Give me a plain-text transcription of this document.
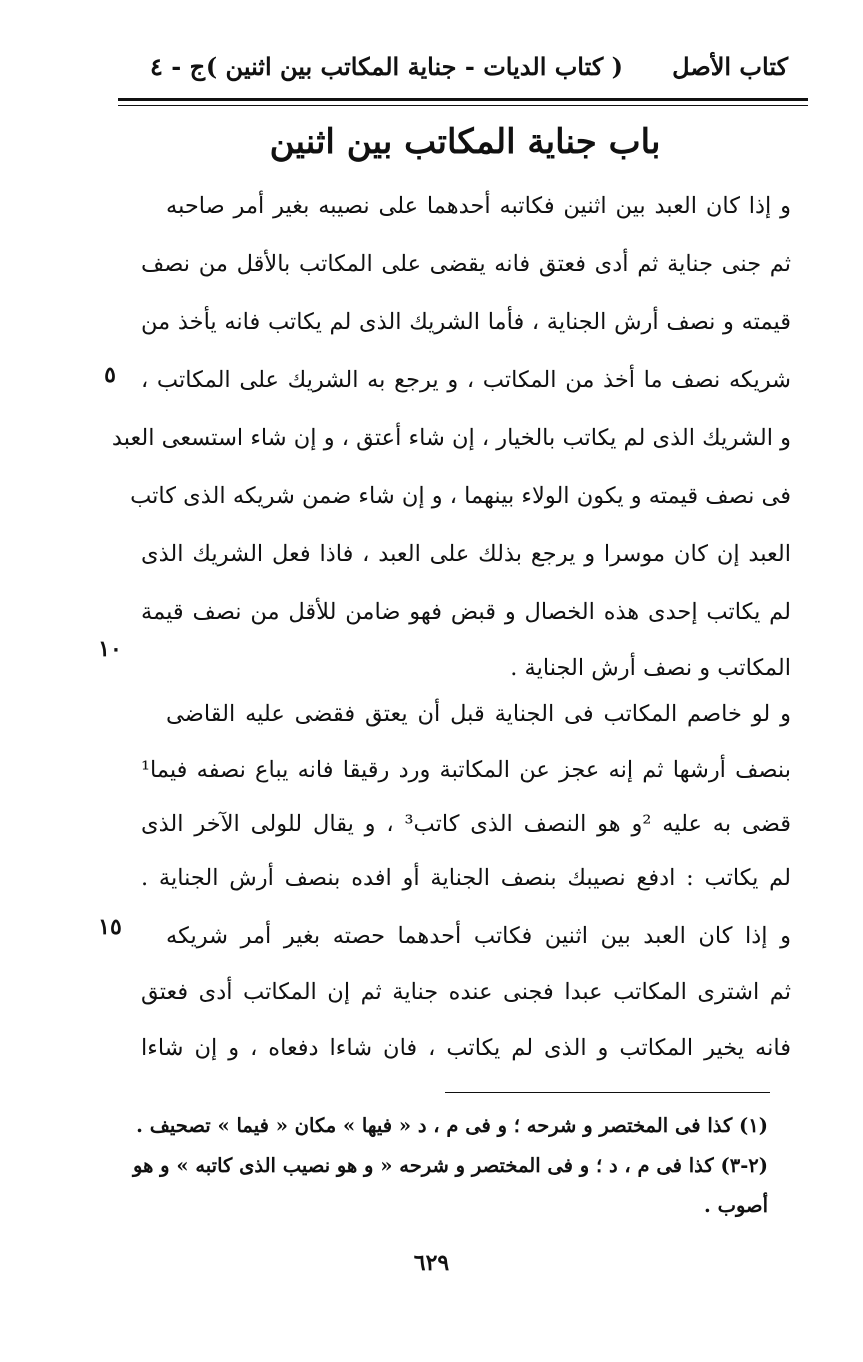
كتاب الأصل
( كتاب الديات - جناية المكاتب بين اثنين )
ج - ٤
باب جناية المكاتب بين اثنين
و إذا كان العبد بين اثنين فكاتبه أحدهما على نصيبه بغير أمر صاحبه
ثم جنى جناية ثم أدى فعتق فانه يقضى على المكاتب بالأقل من نصف
قيمته و نصف أرش الجناية ، فأما الشريك الذى لم يكاتب فانه يأخذ من
شريكه نصف ما أخذ من المكاتب ، و يرجع به الشريك على المكاتب ،
و الشريك الذى لم يكاتب بالخيار ، إن شاء أعتق ، و إن شاء استسعى العبد
فى نصف قيمته و يكون الولاء بينهما ، و إن شاء ضمن شريكه الذى كاتب
العبد إن كان موسرا و يرجع بذلك على العبد ، فاذا فعل الشريك الذى
لم يكاتب إحدى هذه الخصال و قبض فهو ضامن للأقل من نصف قيمة
المكاتب و نصف أرش الجناية .
و لو خاصم المكاتب فى الجناية قبل أن يعتق فقضى عليه القاضى
بنصف أرشها ثم إنه عجز عن المكاتبة ورد رقيقا فانه يباع نصفه فيما¹
قضى به عليه ²و هو النصف الذى كاتب³ ، و يقال للولى الآخر الذى
لم يكاتب : ادفع نصيبك بنصف الجناية أو افده بنصف أرش الجناية .
و إذا كان العبد بين اثنين فكاتب أحدهما حصته بغير أمر شريكه
ثم اشترى المكاتب عبدا فجنى عنده جناية ثم إن المكاتب أدى فعتق
فانه يخير المكاتب و الذى لم يكاتب ، فان شاءا دفعاه ، و إن شاءا
٥
١٠
١٥
(١) كذا فى المختصر و شرحه ؛ و فى م ، د « فيها » مكان « فيما » تصحيف .
(٢-٣) كذا فى م ، د ؛ و فى المختصر و شرحه « و هو نصيب الذى كاتبه » و هو
أصوب .
٦٢٩
